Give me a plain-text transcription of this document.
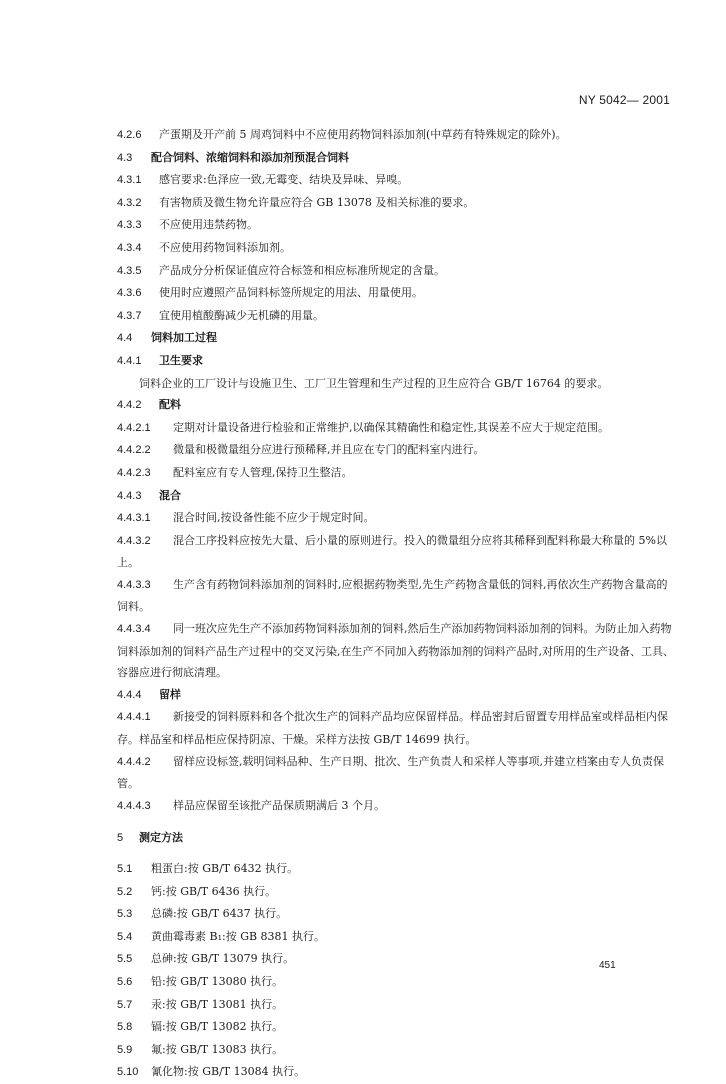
NY 5042— 2001
4.2.6 产蛋期及开产前 5 周鸡饲料中不应使用药物饲料添加剂(中草药有特殊规定的除外)。
4.3 配合饲料、浓缩饲料和添加剂预混合饲料
4.3.1 感官要求:色泽应一致,无霉变、结块及异味、异嗅。
4.3.2 有害物质及微生物允许量应符合 GB 13078 及相关标准的要求。
4.3.3 不应使用违禁药物。
4.3.4 不应使用药物饲料添加剂。
4.3.5 产品成分分析保证值应符合标签和相应标准所规定的含量。
4.3.6 使用时应遵照产品饲料标签所规定的用法、用量使用。
4.3.7 宜使用植酸酶减少无机磷的用量。
4.4 饲料加工过程
4.4.1 卫生要求
饲料企业的工厂设计与设施卫生、工厂卫生管理和生产过程的卫生应符合 GB/T 16764 的要求。
4.4.2 配料
4.4.2.1 定期对计量设备进行检验和正常维护,以确保其精确性和稳定性,其误差不应大于规定范围。
4.4.2.2 微量和极微量组分应进行预稀释,并且应在专门的配料室内进行。
4.4.2.3 配料室应有专人管理,保持卫生整洁。
4.4.3 混合
4.4.3.1 混合时间,按设备性能不应少于规定时间。
4.4.3.2 混合工序投料应按先大量、后小量的原则进行。投入的微量组分应将其稀释到配料称最大称量的 5%以上。
4.4.3.3 生产含有药物饲料添加剂的饲料时,应根据药物类型,先生产药物含量低的饲料,再依次生产药物含量高的饲料。
4.4.3.4 同一班次应先生产不添加药物饲料添加剂的饲料,然后生产添加药物饲料添加剂的饲料。为防止加入药物饲料添加剂的饲料产品生产过程中的交叉污染,在生产不同加入药物添加剂的饲料产品时,对所用的生产设备、工具、容器应进行彻底清理。
4.4.4 留样
4.4.4.1 新接受的饲料原料和各个批次生产的饲料产品均应保留样品。样品密封后留置专用样品室或样品柜内保存。样品室和样品柜应保持阴凉、干燥。采样方法按 GB/T 14699 执行。
4.4.4.2 留样应设标签,载明饲料品种、生产日期、批次、生产负责人和采样人等事项,并建立档案由专人负责保管。
4.4.4.3 样品应保留至该批产品保质期满后 3 个月。
5 测定方法
5.1 粗蛋白:按 GB/T 6432 执行。
5.2 钙:按 GB/T 6436 执行。
5.3 总磷:按 GB/T 6437 执行。
5.4 黄曲霉毒素 B₁:按 GB 8381 执行。
5.5 总砷:按 GB/T 13079 执行。
5.6 铅:按 GB/T 13080 执行。
5.7 汞:按 GB/T 13081 执行。
5.8 镉:按 GB/T 13082 执行。
5.9 氟:按 GB/T 13083 执行。
5.10 氰化物:按 GB/T 13084 执行。
451
